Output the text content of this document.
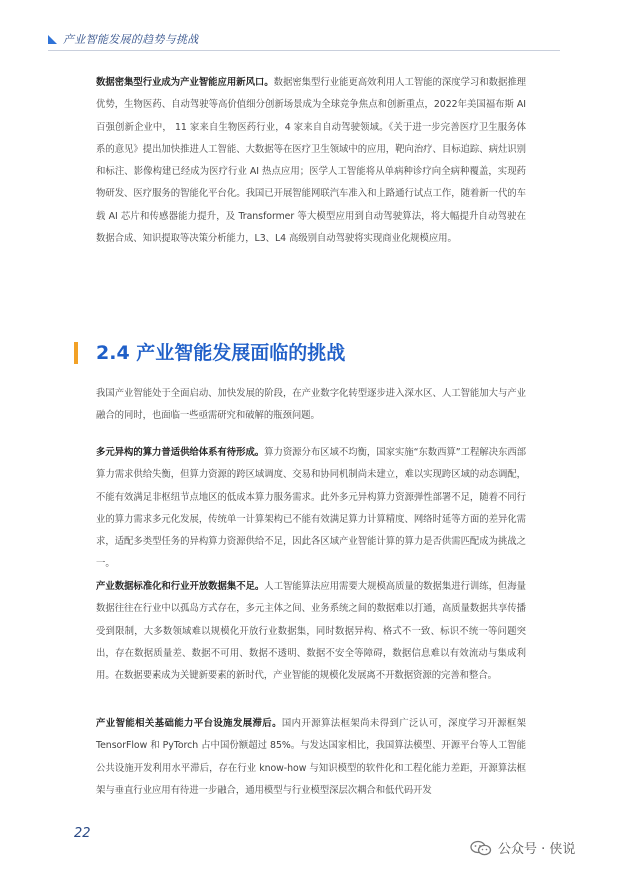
产业智能发展的趋势与挑战

数据密集型行业成为产业智能应用新风口。数据密集型行业能更高效利用人工智能的深度学习和数据推理优势，生物医药、自动驾驶等高价值细分创新场景成为全球竞争焦点和创新重点，2022年美国福布斯 AI 百强创新企业中， 11 家来自生物医药行业，4 家来自自动驾驶领域。《关于进一步完善医疗卫生服务体系的意见》提出加快推进人工智能、大数据等在医疗卫生领域中的应用，靶向治疗、目标追踪、病灶识别和标注、影像构建已经成为医疗行业 AI 热点应用；医学人工智能将从单病种诊疗向全病种覆盖，实现药物研发、医疗服务的智能化平台化。我国已开展智能网联汽车准入和上路通行试点工作，随着新一代的车载 AI 芯片和传感器能力提升，及 Transformer 等大模型应用到自动驾驶算法，将大幅提升自动驾驶在数据合成、知识提取等决策分析能力，L3、L4 高级别自动驾驶将实现商业化规模应用。

2.4 产业智能发展面临的挑战

我国产业智能处于全面启动、加快发展的阶段，在产业数字化转型逐步进入深水区、人工智能加大与产业融合的同时，也面临一些亟需研究和破解的瓶颈问题。

多元异构的算力普适供给体系有待形成。算力资源分布区域不均衡，国家实施“东数西算”工程解决东西部算力需求供给失衡，但算力资源的跨区域调度、交易和协同机制尚未建立，难以实现跨区域的动态调配，不能有效满足非枢纽节点地区的低成本算力服务需求。此外多元异构算力资源弹性部署不足，随着不同行业的算力需求多元化发展，传统单一计算架构已不能有效满足算力计算精度、网络时延等方面的差异化需求，适配多类型任务的异构算力资源供给不足，因此各区域产业智能计算的算力是否供需匹配成为挑战之一。

产业数据标准化和行业开放数据集不足。人工智能算法应用需要大规模高质量的数据集进行训练，但海量数据往往在行业中以孤岛方式存在，多元主体之间、业务系统之间的数据难以打通，高质量数据共享传播受到限制，大多数领域难以规模化开放行业数据集，同时数据异构、格式不一致、标识不统一等问题突出，存在数据质量差、数据不可用、数据不透明、数据不安全等障碍，数据信息难以有效流动与集成利用。在数据要素成为关键新要素的新时代，产业智能的规模化发展离不开数据资源的完善和整合。

产业智能相关基础能力平台设施发展滞后。国内开源算法框架尚未得到广泛认可，深度学习开源框架 TensorFlow 和 PyTorch 占中国份额超过 85%。与发达国家相比，我国算法模型、开源平台等人工智能公共设施开发利用水平滞后，存在行业 know-how 与知识模型的软件化和工程化能力差距，开源算法框架与垂直行业应用有待进一步融合，通用模型与行业模型深层次耦合和低代码开发

22
公众号 · 侠说
